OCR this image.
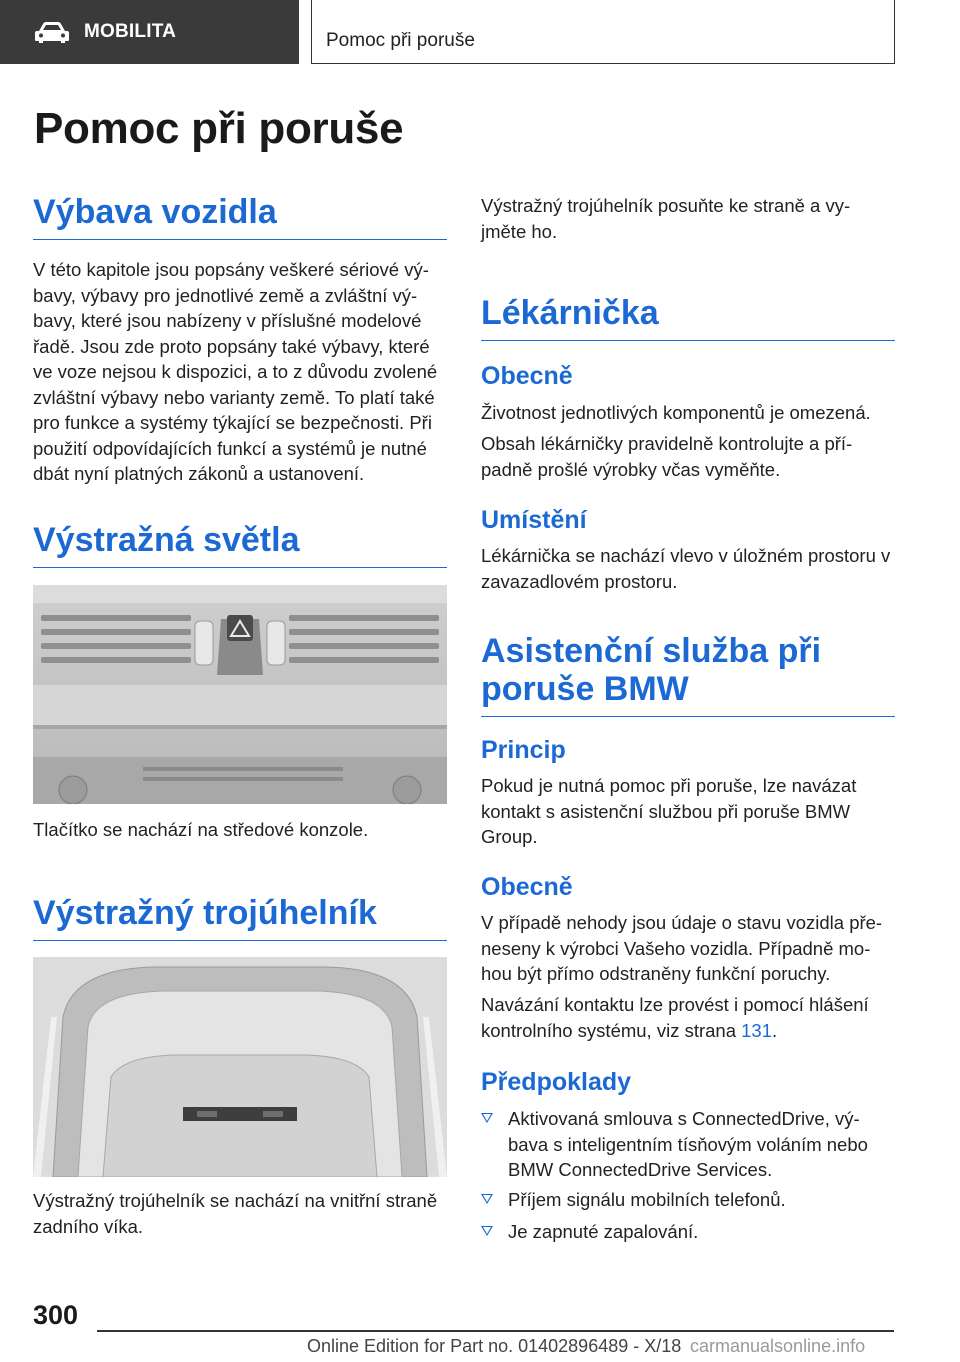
MOBILITA	Pomoc při poruše
Pomoc při poruše
Výbava vozidla
V této kapitole jsou popsány veškeré sériové vý‐bavy, výbavy pro jednotlivé země a zvláštní vý‐bavy, které jsou nabízeny v příslušné modelové řadě. Jsou zde proto popsány také výbavy, které ve voze nejsou k dispozici, a to z důvodu zvolené zvláštní výbavy nebo varianty země. To platí také pro funkce a systémy týkající se bezpečnosti. Při použití odpovídajících funkcí a systémů je nutné dbát nyní platných zákonů a ustanovení.
Výstražná světla
Tlačítko se nachází na středové konzole.
Výstražný trojúhelník
Výstražný trojúhelník se nachází na vnitřní straně zadního víka.
Výstražný trojúhelník posuňte ke straně a vy‐jměte ho.
Lékárnička
Obecně
Životnost jednotlivých komponentů je omezená.
Obsah lékárničky pravidelně kontrolujte a pří‐padně prošlé výrobky včas vyměňte.
Umístění
Lékárnička se nachází vlevo v úložném prostoru v zavazadlovém prostoru.
Asistenční služba při
poruše BMW
Princip
Pokud je nutná pomoc při poruše, lze navázat kontakt s asistenční službou při poruše BMW Group.
Obecně
V případě nehody jsou údaje o stavu vozidla pře‐neseny k výrobci Vašeho vozidla. Případně mo‐hou být přímo odstraněny funkční poruchy.
Navázání kontaktu lze provést i pomocí hlášení kontrolního systému, viz strana 131.
Předpoklady
Aktivovaná smlouva s ConnectedDrive, vý‐bava s inteligentním tísňovým voláním nebo BMW ConnectedDrive Services.
Příjem signálu mobilních telefonů.
Je zapnuté zapalování.
300
Online Edition for Part no. 01402896489 - X/18 carmanualsonline.info
